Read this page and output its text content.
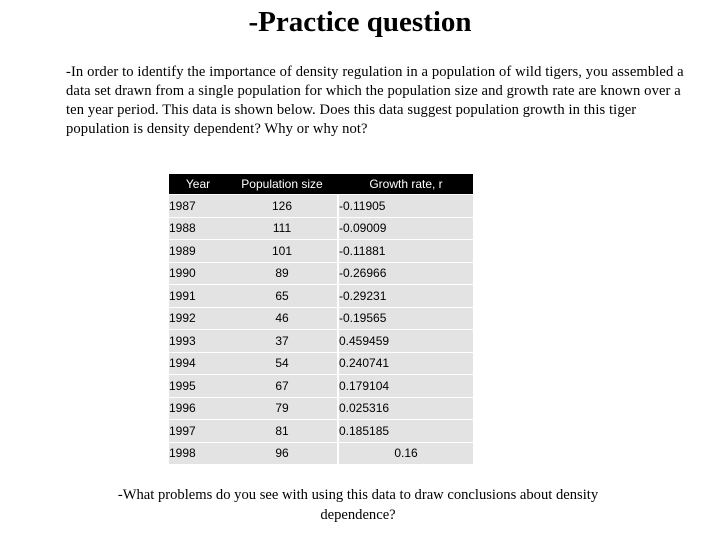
-Practice question
-In order to identify the importance of density regulation in a population of wild tigers, you assembled a data set drawn from a single population for which the population size and growth rate are known over a ten year period. This data is shown below. Does this data suggest population growth in this tiger population is density dependent? Why or why not?
Year	Population size	Growth rate, r
1987	126	-0.11905
1988	111	-0.09009
1989	101	-0.11881
1990	89	-0.26966
1991	65	-0.29231
1992	46	-0.19565
1993	37	0.459459
1994	54	0.240741
1995	67	0.179104
1996	79	0.025316
1997	81	0.185185
1998	96	0.16
-What problems do you see with using this data to draw conclusions about density dependence?
